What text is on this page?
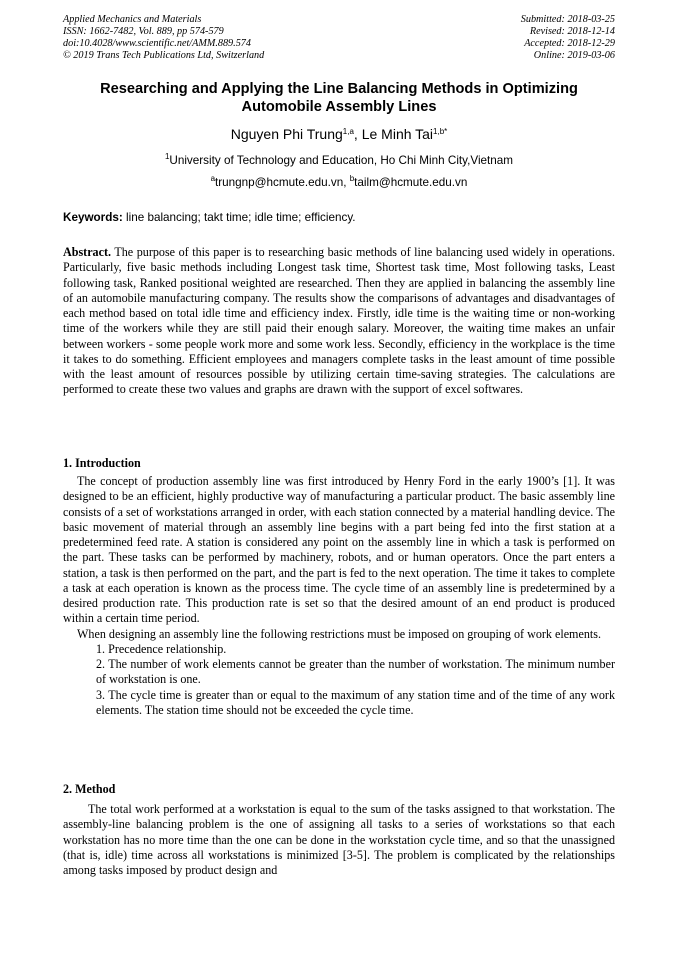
Applied Mechanics and Materials
ISSN: 1662-7482, Vol. 889, pp 574-579
doi:10.4028/www.scientific.net/AMM.889.574
© 2019 Trans Tech Publications Ltd, Switzerland
Submitted: 2018-03-25
Revised: 2018-12-14
Accepted: 2018-12-29
Online: 2019-03-06
Researching and Applying the Line Balancing Methods in Optimizing
Automobile Assembly Lines
Nguyen Phi Trung$^{1,a}$, Le Minh Tai$^{1,b*}$
$^1$University of Technology and Education, Ho Chi Minh City,Vietnam
$^a$trungnp@hcmute.edu.vn, $^b$tailm@hcmute.edu.vn
Keywords: line balancing; takt time; idle time; efficiency.
Abstract. The purpose of this paper is to researching basic methods of line balancing used widely in operations. Particularly, five basic methods including Longest task time, Shortest task time, Most following tasks, Least following task, Ranked positional weighted are researched. Then they are applied in balancing the assembly line of an automobile manufacturing company. The results show the comparisons of advantages and disadvantages of each method based on total idle time and efficiency index. Firstly, idle time is the waiting time or non-working time of the workers while they are still paid their enough salary. Moreover, the waiting time makes an unfair between workers - some people work more and some work less. Secondly, efficiency in the workplace is the time it takes to do something. Efficient employees and managers complete tasks in the least amount of time possible with the least amount of resources possible by utilizing certain time-saving strategies. The calculations are performed to create these two values and graphs are drawn with the support of excel softwares.
1. Introduction

The concept of production assembly line was first introduced by Henry Ford in the early 1900’s [1]. It was designed to be an efficient, highly productive way of manufacturing a particular product. The basic assembly line consists of a set of workstations arranged in order, with each station connected by a material handling device. The basic movement of material through an assembly line begins with a part being fed into the first station at a predetermined feed rate. A station is considered any point on the assembly line in which a task is performed on the part. These tasks can be performed by machinery, robots, and or human operators. Once the part enters a station, a task is then performed on the part, and the part is fed to the next operation. The time it takes to complete a task at each operation is known as the process time. The cycle time of an assembly line is predetermined by a desired production rate. This production rate is set so that the desired amount of an end product is produced within a certain time period.

When designing an assembly line the following restrictions must be imposed on grouping of work elements.

1. Precedence relationship.
2. The number of work elements cannot be greater than the number of workstation. The minimum number of workstation is one.
3. The cycle time is greater than or equal to the maximum of any station time and of the time of any work elements. The station time should not be exceeded the cycle time.
2. Method

The total work performed at a workstation is equal to the sum of the tasks assigned to that workstation. The assembly-line balancing problem is the one of assigning all tasks to a series of workstations so that each workstation has no more time than the one can be done in the workstation cycle time, and so that the unassigned (that is, idle) time across all workstations is minimized [3-5]. The problem is complicated by the relationships among tasks imposed by product design and
